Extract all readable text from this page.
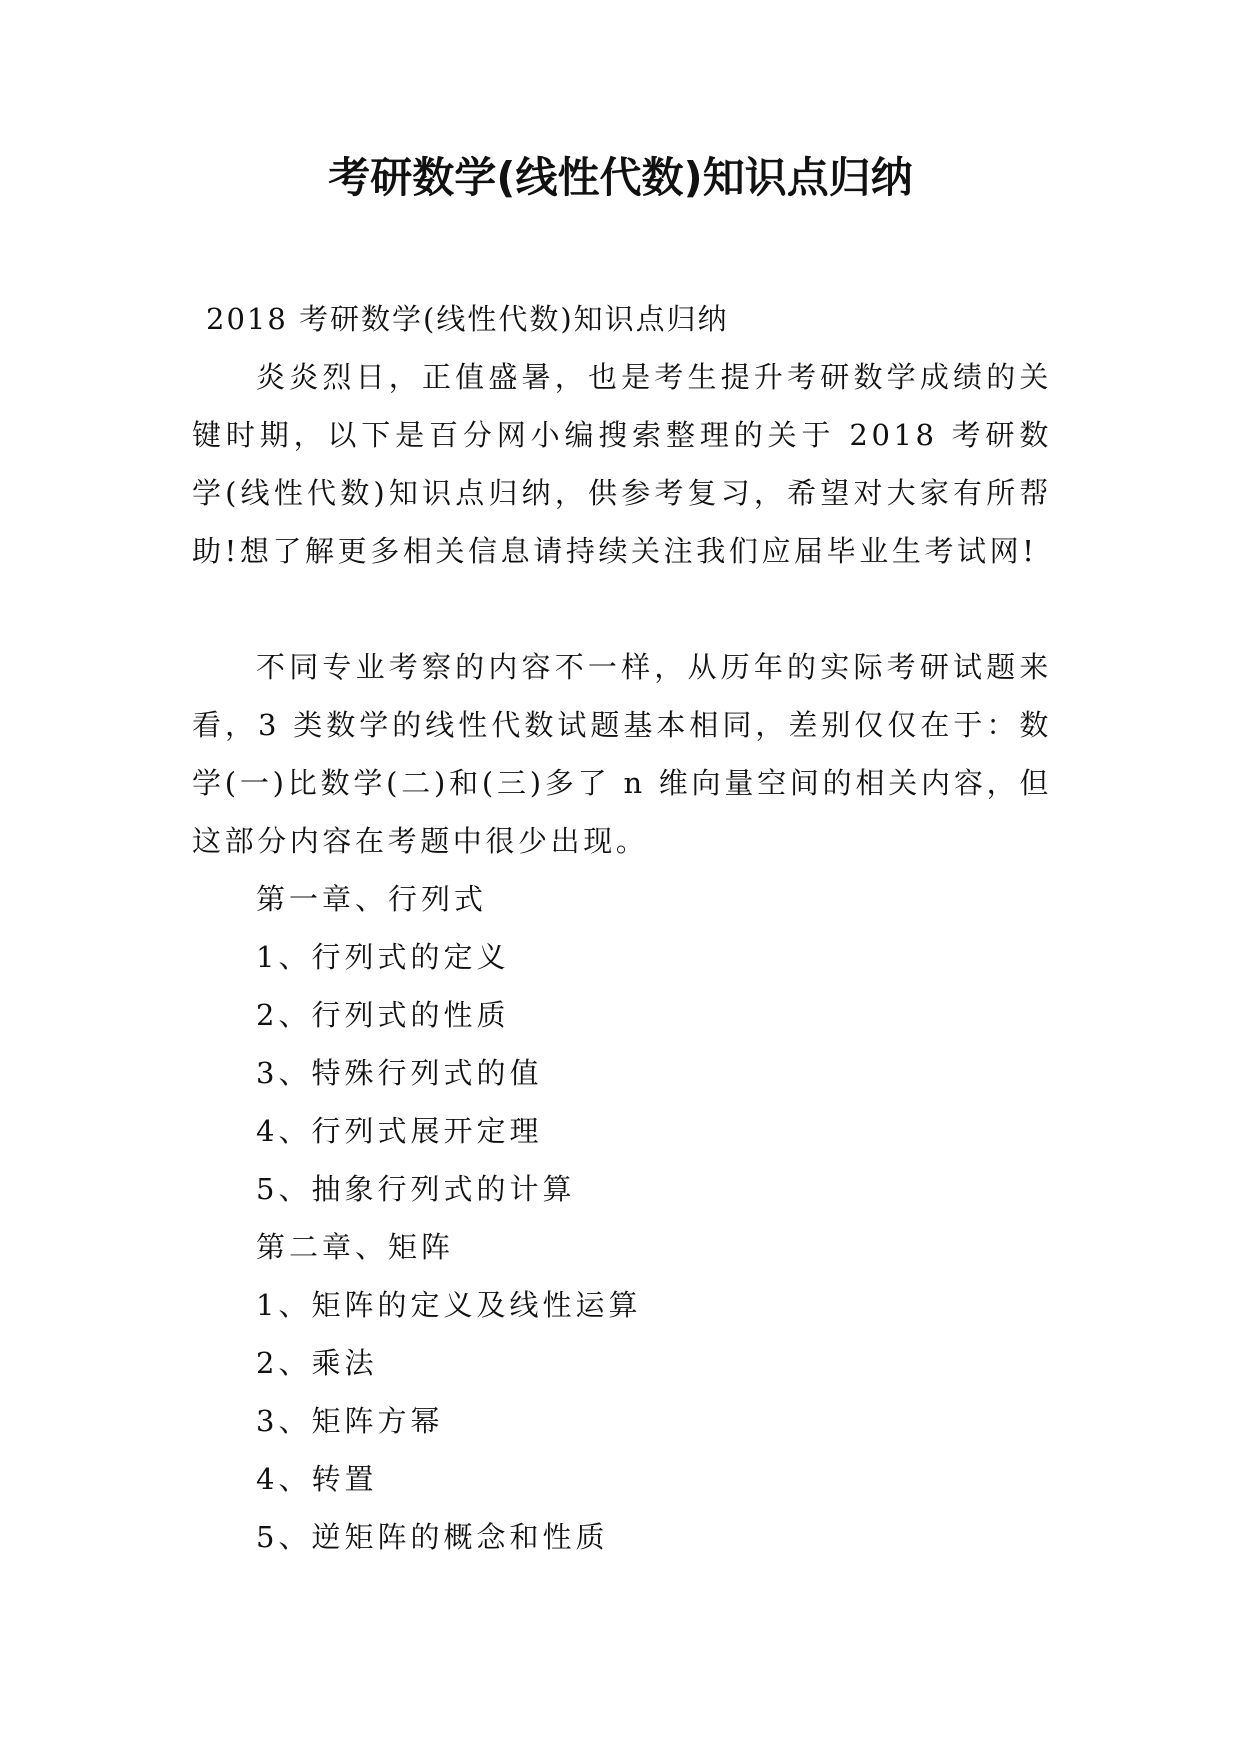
考研数学(线性代数)知识点归纳

2018 考研数学(线性代数)知识点归纳

炎炎烈日，正值盛暑，也是考生提升考研数学成绩的关键时期，以下是百分网小编搜索整理的关于 2018 考研数学(线性代数)知识点归纳，供参考复习，希望对大家有所帮助!想了解更多相关信息请持续关注我们应届毕业生考试网!

不同专业考察的内容不一样，从历年的实际考研试题来看，3 类数学的线性代数试题基本相同，差别仅仅在于：数学(一)比数学(二)和(三)多了 n 维向量空间的相关内容，但这部分内容在考题中很少出现。

第一章、行列式

1、行列式的定义

2、行列式的性质

3、特殊行列式的值

4、行列式展开定理

5、抽象行列式的计算

第二章、矩阵

1、矩阵的定义及线性运算

2、乘法

3、矩阵方幂

4、转置

5、逆矩阵的概念和性质
